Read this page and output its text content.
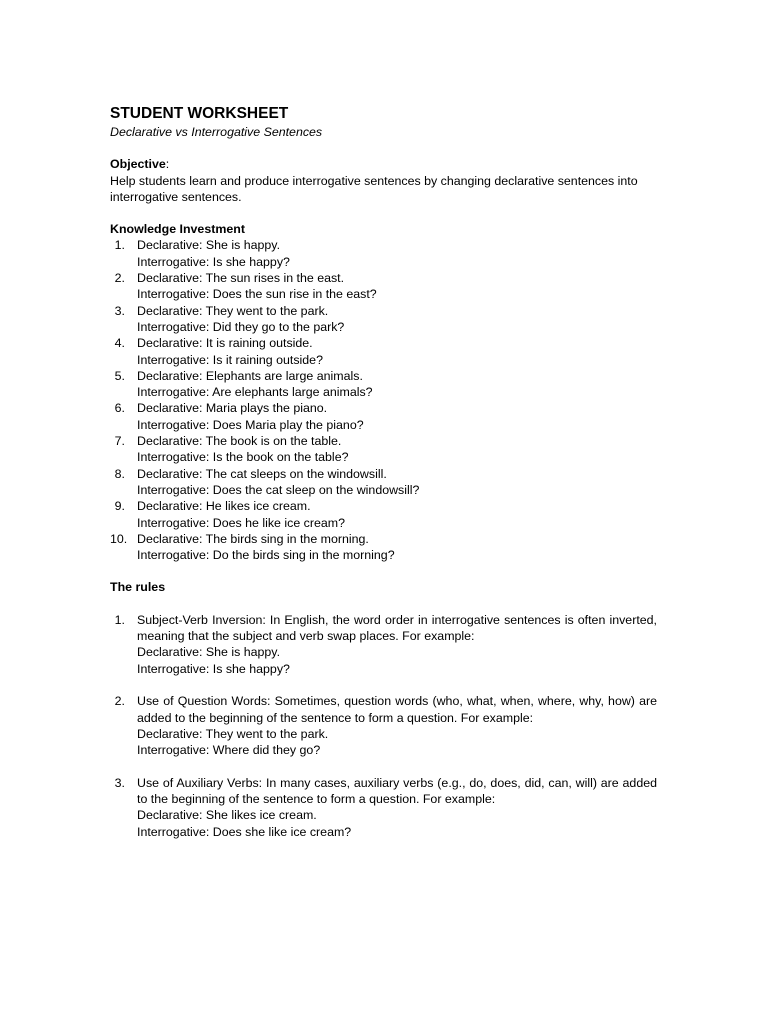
STUDENT WORKSHEET

Declarative vs Interrogative Sentences

Objective:

Help students learn and produce interrogative sentences by changing declarative sentences into interrogative sentences.

Knowledge Investment

1. Declarative: She is happy.
Interrogative: Is she happy?
2. Declarative: The sun rises in the east.
Interrogative: Does the sun rise in the east?
3. Declarative: They went to the park.
Interrogative: Did they go to the park?
4. Declarative: It is raining outside.
Interrogative: Is it raining outside?
5. Declarative: Elephants are large animals.
Interrogative: Are elephants large animals?
6. Declarative: Maria plays the piano.
Interrogative: Does Maria play the piano?
7. Declarative: The book is on the table.
Interrogative: Is the book on the table?
8. Declarative: The cat sleeps on the windowsill.
Interrogative: Does the cat sleep on the windowsill?
9. Declarative: He likes ice cream.
Interrogative: Does he like ice cream?
10. Declarative: The birds sing in the morning.
Interrogative: Do the birds sing in the morning?

The rules

1. Subject-Verb Inversion: In English, the word order in interrogative sentences is often inverted, meaning that the subject and verb swap places. For example:
Declarative: She is happy.
Interrogative: Is she happy?
2. Use of Question Words: Sometimes, question words (who, what, when, where, why, how) are added to the beginning of the sentence to form a question. For example:
Declarative: They went to the park.
Interrogative: Where did they go?
3. Use of Auxiliary Verbs: In many cases, auxiliary verbs (e.g., do, does, did, can, will) are added to the beginning of the sentence to form a question. For example:
Declarative: She likes ice cream.
Interrogative: Does she like ice cream?
